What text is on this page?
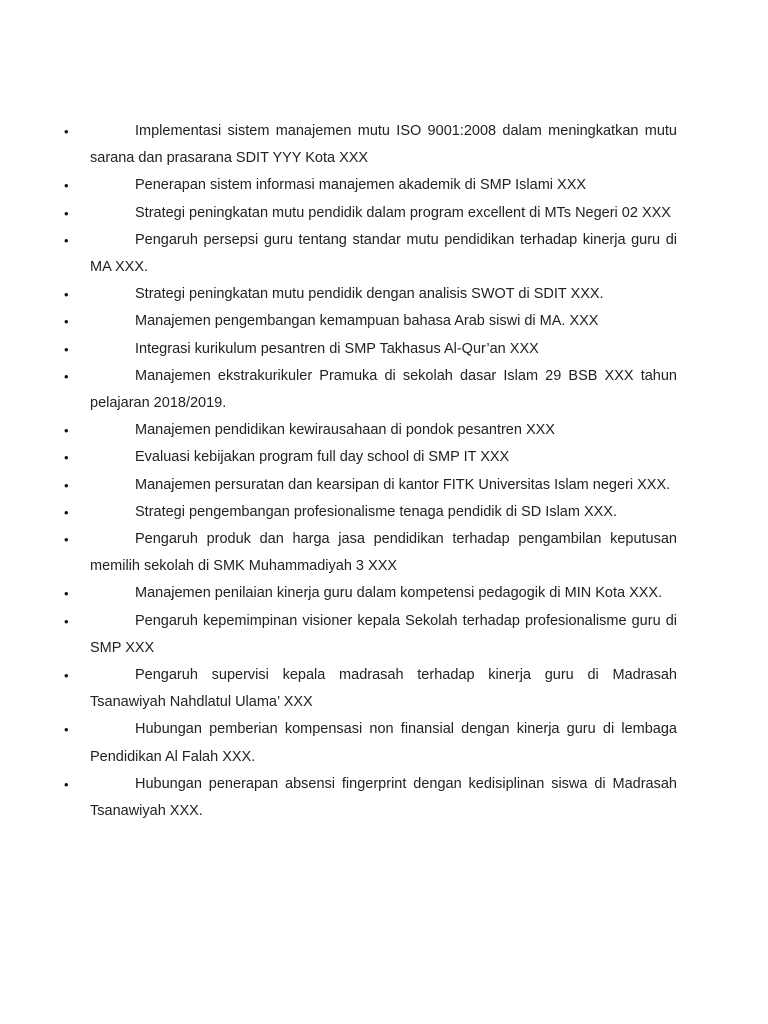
•	Implementasi sistem manajemen mutu ISO 9001:2008 dalam meningkatkan mutu sarana dan prasarana SDIT YYY Kota XXX
•	Penerapan sistem informasi manajemen akademik di SMP Islami XXX
•	Strategi peningkatan mutu pendidik dalam program excellent di MTs Negeri 02 XXX
•	Pengaruh persepsi guru tentang standar mutu pendidikan terhadap kinerja guru di MA XXX.
•	Strategi peningkatan mutu pendidik dengan analisis SWOT di SDIT XXX.
•	Manajemen pengembangan kemampuan bahasa Arab siswi di MA. XXX
•	Integrasi kurikulum pesantren di SMP Takhasus Al-Qur’an XXX
•	Manajemen ekstrakurikuler Pramuka di sekolah dasar Islam 29 BSB XXX tahun pelajaran 2018/2019.
•	Manajemen pendidikan kewirausahaan di pondok pesantren XXX
•	Evaluasi kebijakan program full day school di SMP IT XXX
•	Manajemen persuratan dan kearsipan di kantor FITK Universitas Islam negeri XXX.
•	Strategi pengembangan profesionalisme tenaga pendidik di SD Islam XXX.
•	Pengaruh produk dan harga jasa pendidikan terhadap pengambilan keputusan memilih sekolah di SMK Muhammadiyah 3 XXX
•	Manajemen penilaian kinerja guru dalam kompetensi pedagogik di MIN Kota XXX.
•	Pengaruh kepemimpinan visioner kepala Sekolah terhadap profesionalisme guru di SMP XXX
•	Pengaruh supervisi kepala madrasah terhadap kinerja guru di Madrasah Tsanawiyah Nahdlatul Ulama’ XXX
•	Hubungan pemberian kompensasi non finansial dengan kinerja guru di lembaga Pendidikan Al Falah XXX.
•	Hubungan penerapan absensi fingerprint dengan kedisiplinan siswa di Madrasah Tsanawiyah XXX.
